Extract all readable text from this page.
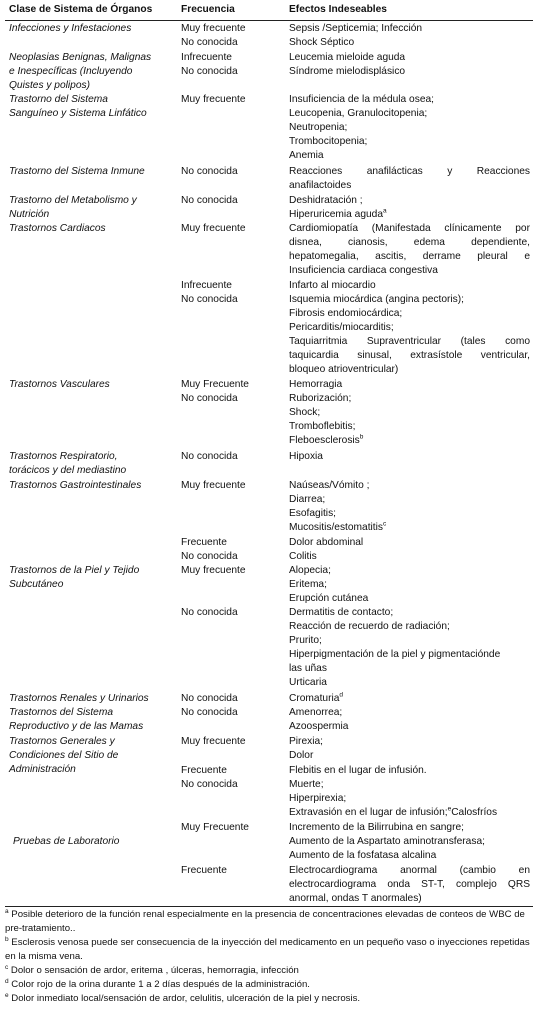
Clase de Sistema de Órganos	Frecuencia	Efectos Indeseables
Infecciones y Infestaciones	Muy frecuente	Sepsis /Septicemia; Infección
No conocida	Shock Séptico
Neoplasias Benignas, Malignas
e Inespecíficas (Incluyendo
Quistes y polipos)
Infrecuente	Leucemia mieloide aguda
No conocida	Síndrome mielodisplásico
Trastorno del Sistema
Sanguíneo y Sistema Linfático
Muy frecuente	Insuficiencia de la médula osea;
Leucopenia, Granulocitopenia;
Neutropenia;
Trombocitopenia;
Anemia
Trastorno del Sistema Inmune	No conocida	Reacciones anafilácticas y Reacciones
anafilactoides
Trastorno del Metabolismo y
Nutrición
No conocida	Deshidratación ;
Hiperuricemia aguda$^a$
Trastornos Cardiacos	Muy frecuente	Cardiomiopatía (Manifestada clínicamente por
disnea, cianosis, edema dependiente,
hepatomegalia, ascitis, derrame pleural e
Insuficiencia cardiaca congestiva
Infrecuente	Infarto al miocardio
No conocida	Isquemia miocárdica (angina pectoris);
Fibrosis endomiocárdica;
Pericarditis/miocarditis;
Taquiarritmia Supraventricular (tales como
taquicardia sinusal, extrasístole ventricular,
bloqueo atrioventricular)
Trastornos Vasculares	Muy Frecuente	Hemorragia
No conocida	Ruborización;
Shock;
Tromboflebitis;
Fleboesclerosis$^b$
Trastornos Respiratorio,
torácicos y del mediastino
No conocida	Hipoxia
Trastornos Gastrointestinales	Muy frecuente	Naúseas/Vómito ;
Diarrea;
Esofagitis;
Mucositis/estomatitis$^c$
Frecuente	Dolor abdominal
No conocida	Colitis
Trastornos de la Piel y Tejido
Subcutáneo
Muy frecuente	Alopecia;
Eritema;
Erupción cutánea
No conocida	Dermatitis de contacto;
Reacción de recuerdo de radiación;
Prurito;
Hiperpigmentación de la piel y pigmentaciónde
las uñas
Urticaria
Trastornos Renales y Urinarios	No conocida	Cromaturia$^d$
Trastornos del Sistema
Reproductivo y de las Mamas
No conocida	Amenorrea;
Azoospermia
Trastornos Generales y
Condiciones del Sitio de
Administración
Muy frecuente	Pirexia;
Dolor
Frecuente	Flebitis en el lugar de infusión.
No conocida	Muerte;
Hiperpirexia;
Extravasión en el lugar de infusión;$^e$Calosfríos
Pruebas de Laboratorio
Muy Frecuente	Incremento de la Bilirrubina en sangre;
Aumento de la Aspartato aminotransferasa;
Aumento de la fosfatasa alcalina
Frecuente	Electrocardiograma anormal (cambio en
electrocardiograma onda ST-T, complejo QRS
anormal, ondas T anormales)
$^a$ Posible deterioro de la función renal especialmente en la presencia de concentraciones elevadas de conteos de WBC de pre-tratamiento..
$^b$ Esclerosis venosa puede ser consecuencia de la inyección del medicamento en un pequeño vaso o inyecciones repetidas en la misma vena.
$^c$ Dolor o sensación de ardor, eritema , úlceras, hemorragia, infección
$^d$ Color rojo de la orina durante 1 a 2 días después de la administración.
$^e$ Dolor inmediato local/sensación de ardor, celulitis, ulceración de la piel y necrosis.
